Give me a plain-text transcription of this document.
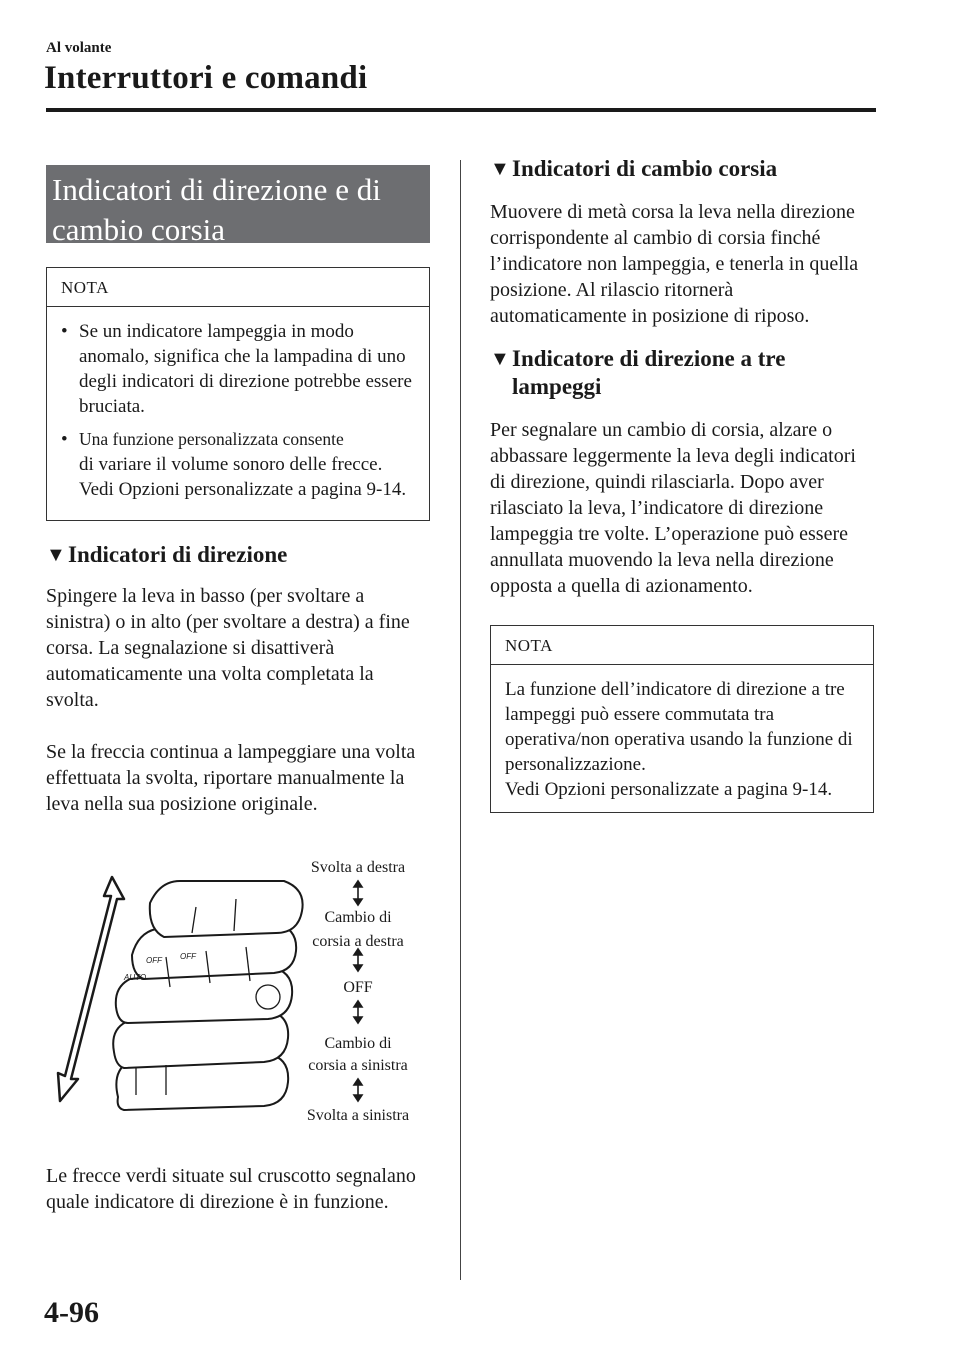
Al volante
Interruttori e comandi
Indicatori di direzione e di
cambio corsia
NOTA
• Se un indicatore lampeggia in modo anomalo, significa che la lampadina di uno degli indicatori di direzione potrebbe essere bruciata.
• Una funzione personalizzata consente
di variare il volume sonoro delle frecce.
Vedi Opzioni personalizzate a pagina 9-14.
▼ Indicatori di direzione

Spingere la leva in basso (per svoltare a sinistra) o in alto (per svoltare a destra) a fine corsa. La segnalazione si disattiverà automaticamente una volta completata la svolta.

Se la freccia continua a lampeggiare una volta effettuata la svolta, riportare manualmente la leva nella sua posizione originale.

OFF OFF
AUTO
Svolta a destra
Cambio di
corsia a destra
OFF
Cambio di
corsia a sinistra
Svolta a sinistra

Le frecce verdi situate sul cruscotto segnalano quale indicatore di direzione è in funzione.

▼ Indicatori di cambio corsia

Muovere di metà corsa la leva nella direzione corrispondente al cambio di corsia finché l’indicatore non lampeggia, e tenerla in quella posizione. Al rilascio ritornerà automaticamente in posizione di riposo.

▼ Indicatore di direzione a tre
lampeggi

Per segnalare un cambio di corsia, alzare o abbassare leggermente la leva degli indicatori di direzione, quindi rilasciarla. Dopo aver rilasciato la leva, l’indicatore di direzione lampeggia tre volte. L’operazione può essere annullata muovendo la leva nella direzione opposta a quella di azionamento.

NOTA
La funzione dell’indicatore di direzione a tre lampeggi può essere commutata tra operativa/non operativa usando la funzione di personalizzazione.
Vedi Opzioni personalizzate a pagina 9-14.
4-96
